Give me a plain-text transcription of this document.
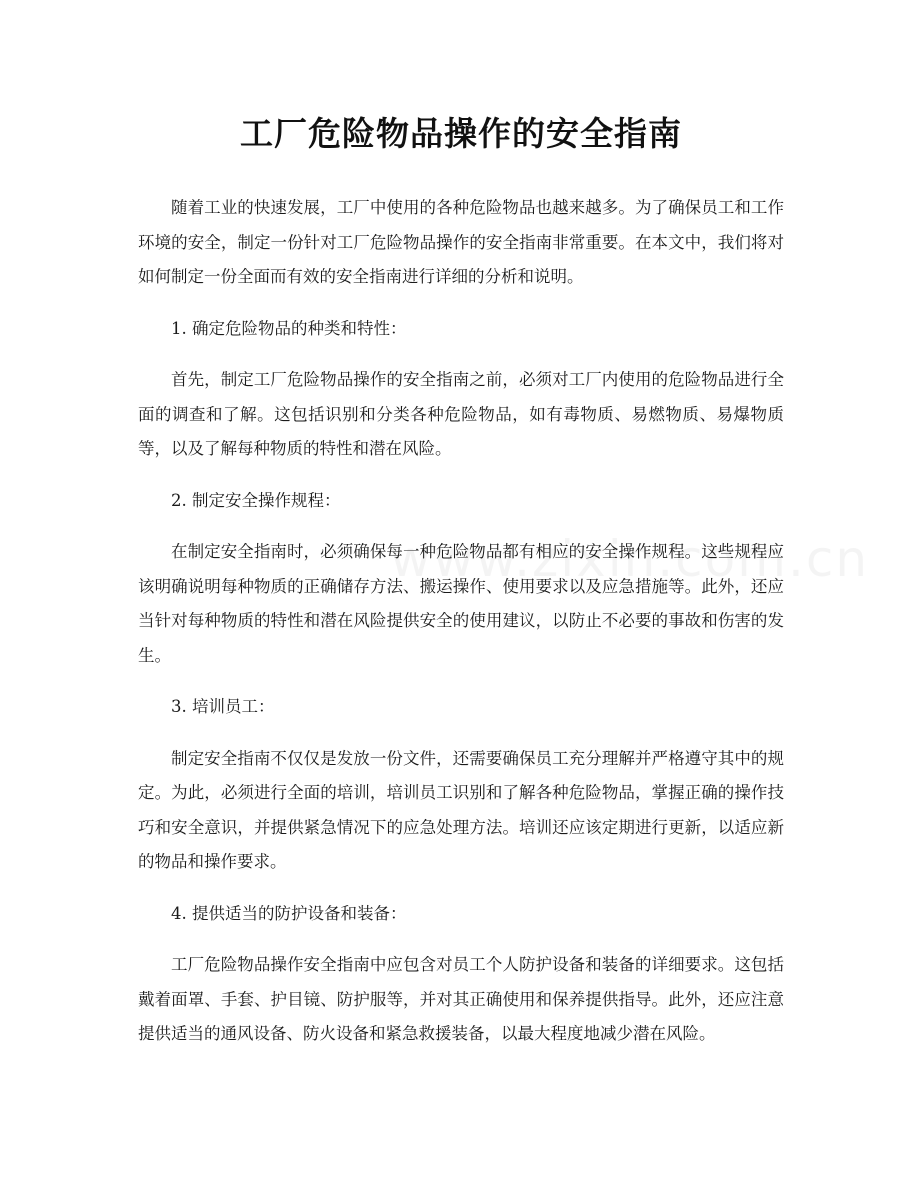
工厂危险物品操作的安全指南

随着工业的快速发展，工厂中使用的各种危险物品也越来越多。为了确保员工和工作环境的安全，制定一份针对工厂危险物品操作的安全指南非常重要。在本文中，我们将对如何制定一份全面而有效的安全指南进行详细的分析和说明。

1. 确定危险物品的种类和特性：

首先，制定工厂危险物品操作的安全指南之前，必须对工厂内使用的危险物品进行全面的调查和了解。这包括识别和分类各种危险物品，如有毒物质、易燃物质、易爆物质等，以及了解每种物质的特性和潜在风险。

2. 制定安全操作规程：

在制定安全指南时，必须确保每一种危险物品都有相应的安全操作规程。这些规程应该明确说明每种物质的正确储存方法、搬运操作、使用要求以及应急措施等。此外，还应当针对每种物质的特性和潜在风险提供安全的使用建议，以防止不必要的事故和伤害的发生。

3. 培训员工：

制定安全指南不仅仅是发放一份文件，还需要确保员工充分理解并严格遵守其中的规定。为此，必须进行全面的培训，培训员工识别和了解各种危险物品，掌握正确的操作技巧和安全意识，并提供紧急情况下的应急处理方法。培训还应该定期进行更新，以适应新的物品和操作要求。

4. 提供适当的防护设备和装备：

工厂危险物品操作安全指南中应包含对员工个人防护设备和装备的详细要求。这包括戴着面罩、手套、护目镜、防护服等，并对其正确使用和保养提供指导。此外，还应注意提供适当的通风设备、防火设备和紧急救援装备，以最大程度地减少潜在风险。
